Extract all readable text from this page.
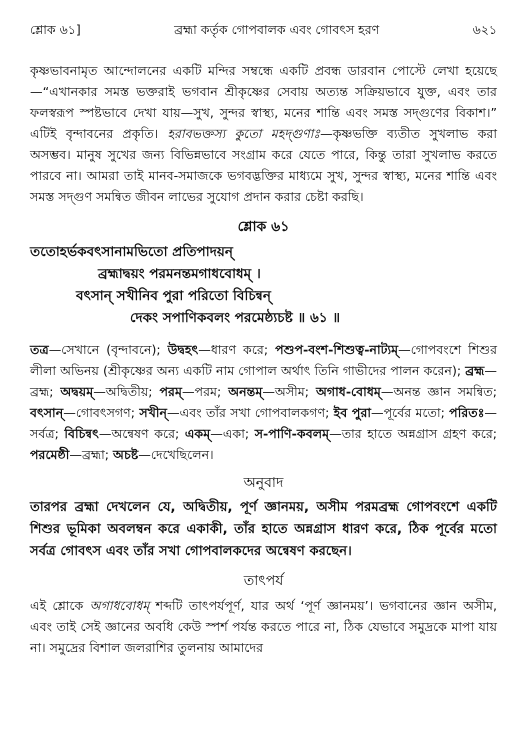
শ্লোক ৬১]	ব্রহ্মা কর্তৃক গোপবালক এবং গোবৎস হরণ	৬২১

কৃষ্ণভাবনামৃত আন্দোলনের একটি মন্দির সম্বন্ধে একটি প্রবন্ধ ডারবান পোস্টে লেখা হয়েছে—“এখানকার সমস্ত ভক্তরাই ভগবান শ্রীকৃষ্ণের সেবায় অত্যন্ত সক্রিয়ভাবে যুক্ত, এবং তার ফলস্বরূপ স্পষ্টভাবে দেখা যায়—সুখ, সুন্দর স্বাস্থ্য, মনের শান্তি এবং সমস্ত সদ্গুণের বিকাশ।” এটিই বৃন্দাবনের প্রকৃতি। হরাবভক্তস্য কুতো মহদ্গুণাঃ—কৃষ্ণভক্তি ব্যতীত সুখলাভ করা অসম্ভব। মানুষ সুখের জন্য বিভিন্নভাবে সংগ্রাম করে যেতে পারে, কিন্তু তারা সুখলাভ করতে পারবে না। আমরা তাই মানব-সমাজকে ভগবদ্ভক্তির মাধ্যমে সুখ, সুন্দর স্বাস্থ্য, মনের শান্তি এবং সমস্ত সদ্গুণ সমন্বিত জীবন লাভের সুযোগ প্রদান করার চেষ্টা করছি।

শ্লোক ৬১
ততোহৰ্ভকবৎসানামভিতো প্রতিপাদয়ন্
ব্রহ্মাদ্বয়ং পরমনন্তমগাধবোধম্ ।
বৎসান্ সখীনিব পুরা পরিতো বিচিন্বন্
দেকং সপাণিকবলং পরমেষ্ঠ্যচষ্ট ॥ ৬১ ॥

তত্র—সেখানে (বৃন্দাবনে); উদ্বহৎ—ধারণ করে; পশুপ-বংশ-শিশুত্ব-নাট্যম্—গোপবংশে শিশুর লীলা অভিনয় (শ্রীকৃষ্ণের অন্য একটি নাম গোপাল অর্থাৎ তিনি গাভীদের পালন করেন); ব্রহ্ম—ব্রহ্ম; অদ্বয়ম্—অদ্বিতীয়; পরম্—পরম; অনন্তম্—অসীম; অগাধ-বোধম্—অনন্ত জ্ঞান সমন্বিত; বৎসান্—গোবৎসগণ; সখীন্—এবং তাঁর সখা গোপবালকগণ; ইব পুরা—পূর্বের মতো; পরিতঃ—সর্বত্র; বিচিন্বৎ—অন্বেষণ করে; একম্—একা; স-পাণি-কবলম্—তার হাতে অন্নগ্রাস গ্রহণ করে; পরমেষ্ঠী—ব্রহ্মা; অচষ্ট—দেখেছিলেন।

অনুবাদ

তারপর ব্রহ্মা দেখলেন যে, অদ্বিতীয়, পূর্ণ জ্ঞানময়, অসীম পরমব্রহ্ম গোপবংশে একটি শিশুর ভূমিকা অবলম্বন করে একাকী, তাঁর হাতে অন্নগ্রাস ধারণ করে, ঠিক পূর্বের মতো সর্বত্র গোবৎস এবং তাঁর সখা গোপবালকদের অন্বেষণ করছেন।

তাৎপর্য

এই শ্লোকে অগাধবোধম্ শব্দটি তাৎপর্যপূর্ণ, যার অর্থ ‘পূর্ণ জ্ঞানময়’। ভগবানের জ্ঞান অসীম, এবং তাই সেই জ্ঞানের অবধি কেউ স্পর্শ পর্যন্ত করতে পারে না, ঠিক যেভাবে সমুদ্রকে মাপা যায় না। সমুদ্রের বিশাল জলরাশির তুলনায় আমাদের
